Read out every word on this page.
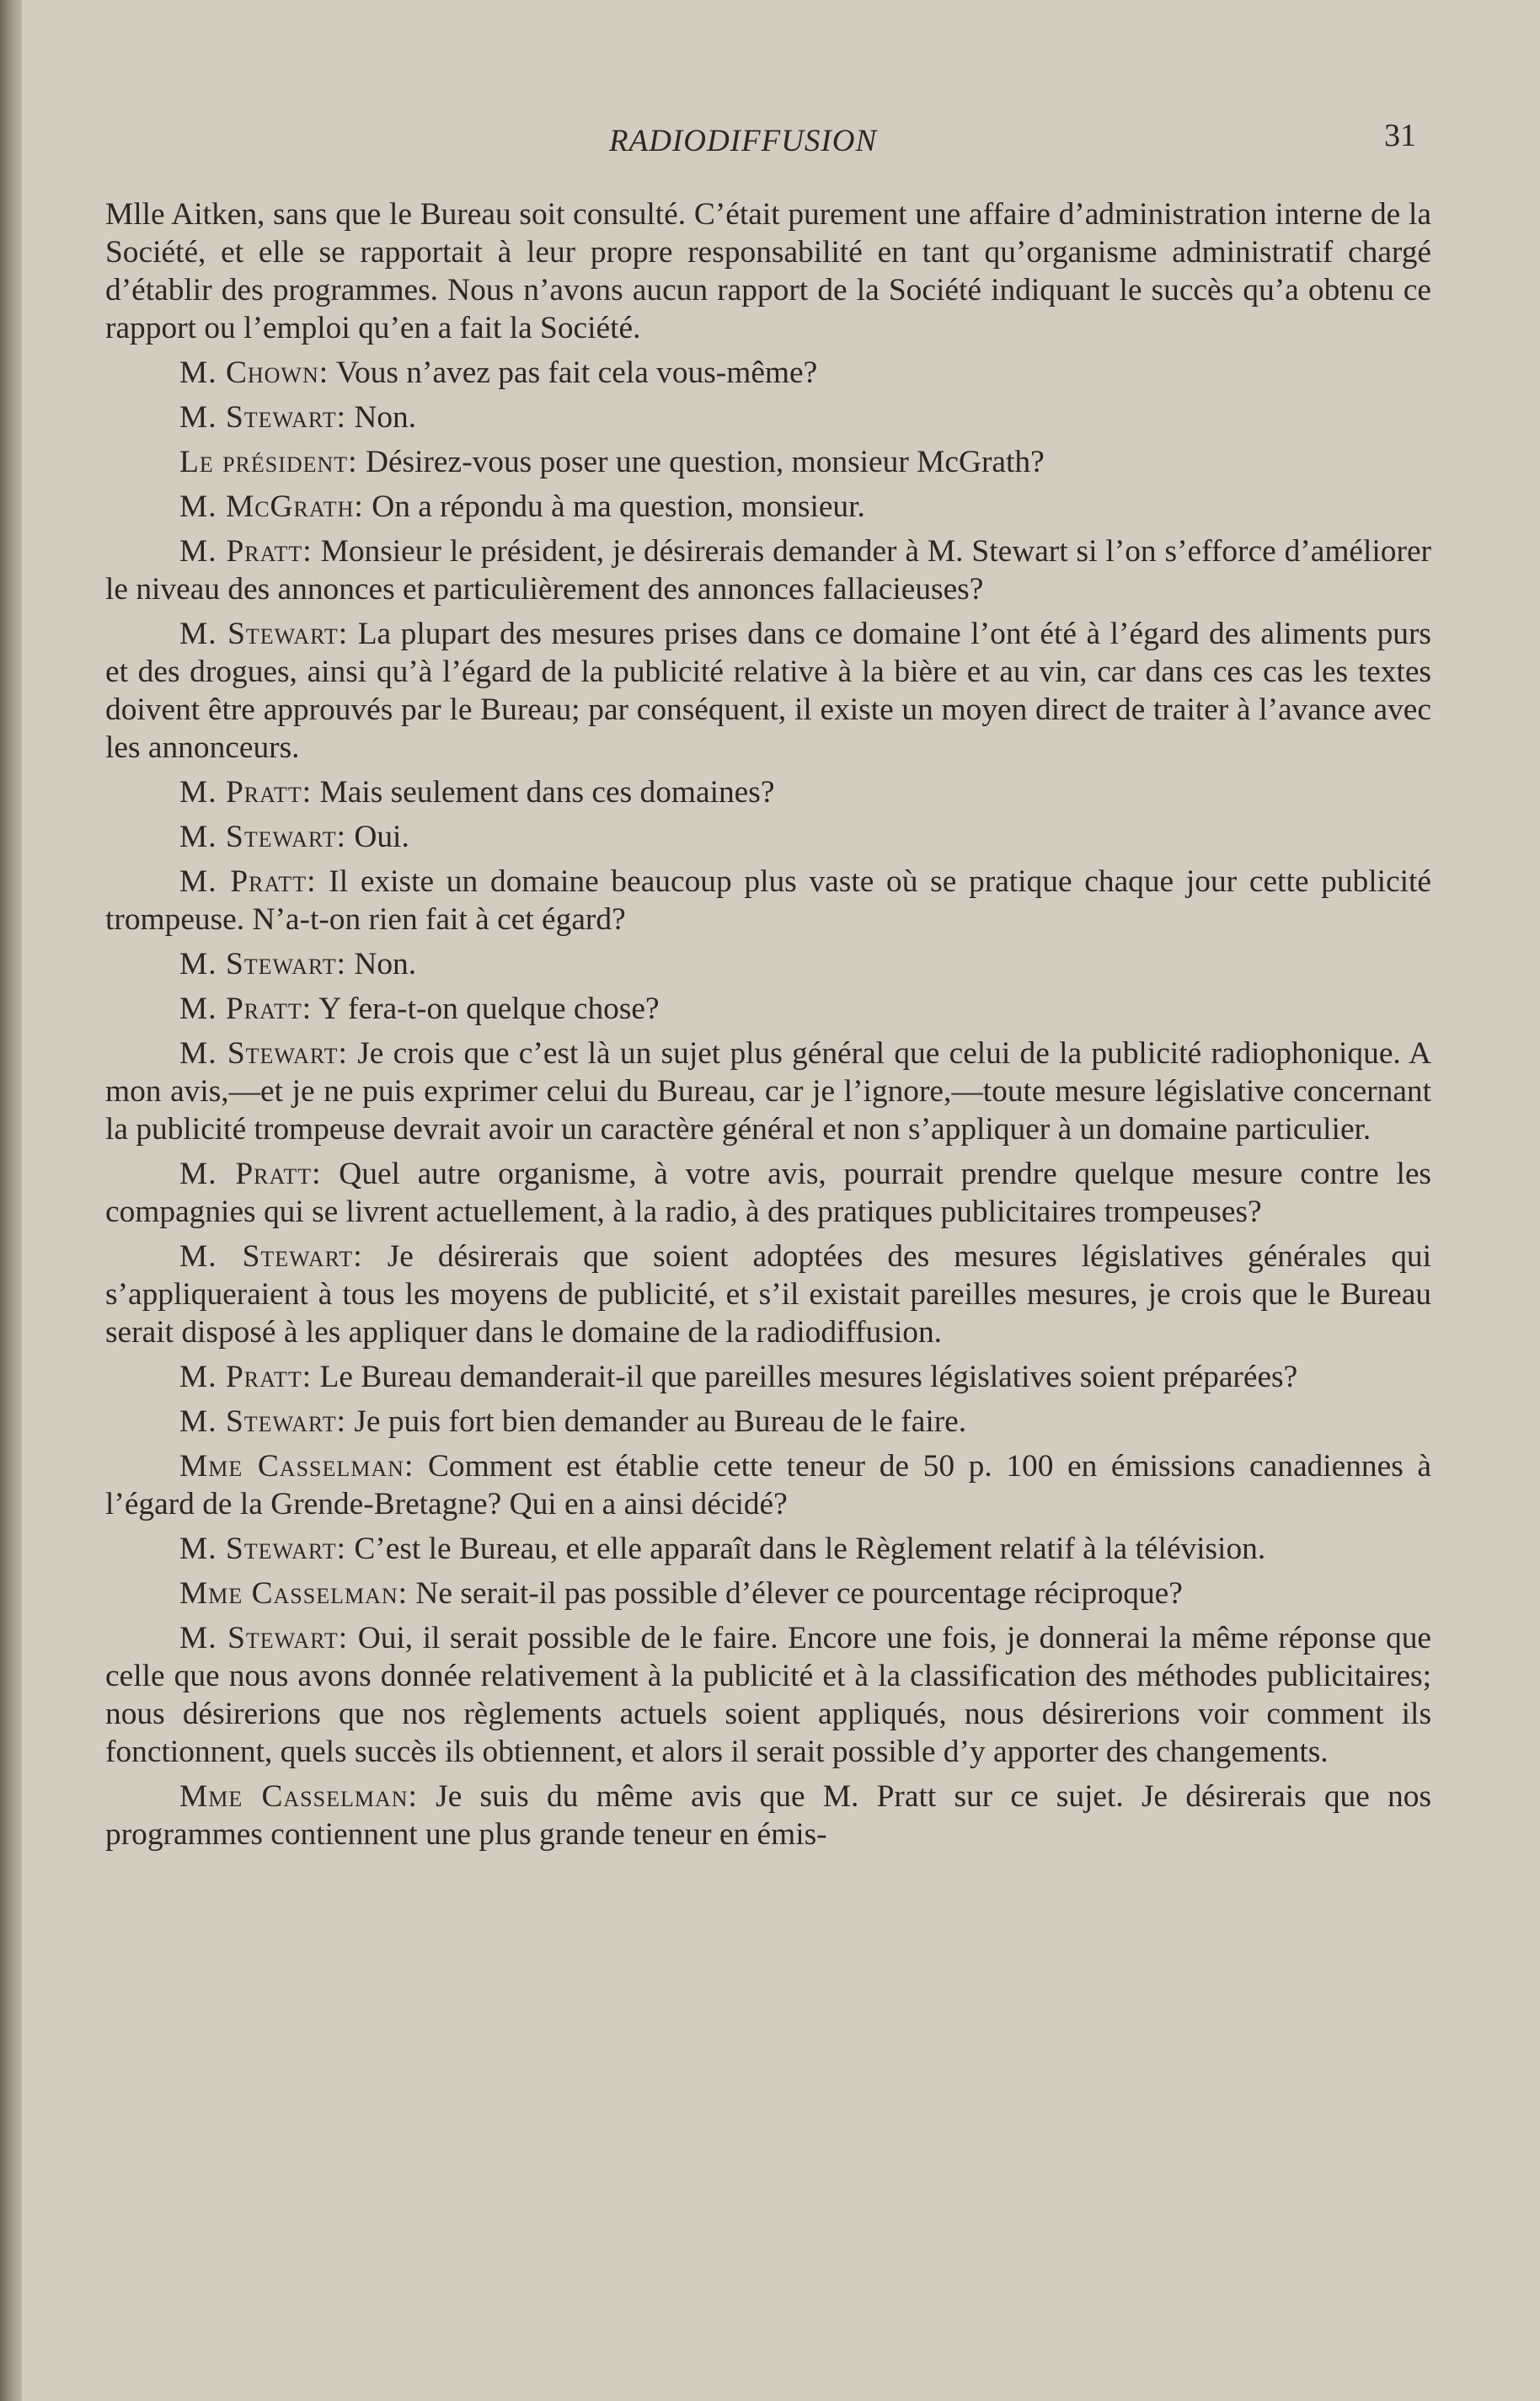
RADIODIFFUSION	31

Mlle Aitken, sans que le Bureau soit consulté. C’était purement une affaire d’administration interne de la Société, et elle se rapportait à leur propre responsabilité en tant qu’organisme administratif chargé d’établir des programmes. Nous n’avons aucun rapport de la Société indiquant le succès qu’a obtenu ce rapport ou l’emploi qu’en a fait la Société.

M. Chown: Vous n’avez pas fait cela vous-même?

M. Stewart: Non.

Le président: Désirez-vous poser une question, monsieur McGrath?

M. McGrath: On a répondu à ma question, monsieur.

M. Pratt: Monsieur le président, je désirerais demander à M. Stewart si l’on s’efforce d’améliorer le niveau des annonces et particulièrement des annonces fallacieuses?

M. Stewart: La plupart des mesures prises dans ce domaine l’ont été à l’égard des aliments purs et des drogues, ainsi qu’à l’égard de la publicité relative à la bière et au vin, car dans ces cas les textes doivent être approuvés par le Bureau; par conséquent, il existe un moyen direct de traiter à l’avance avec les annonceurs.

M. Pratt: Mais seulement dans ces domaines?

M. Stewart: Oui.

M. Pratt: Il existe un domaine beaucoup plus vaste où se pratique chaque jour cette publicité trompeuse. N’a-t-on rien fait à cet égard?

M. Stewart: Non.

M. Pratt: Y fera-t-on quelque chose?

M. Stewart: Je crois que c’est là un sujet plus général que celui de la publicité radiophonique. A mon avis,—et je ne puis exprimer celui du Bureau, car je l’ignore,—toute mesure législative concernant la publicité trompeuse devrait avoir un caractère général et non s’appliquer à un domaine particulier.

M. Pratt: Quel autre organisme, à votre avis, pourrait prendre quelque mesure contre les compagnies qui se livrent actuellement, à la radio, à des pratiques publicitaires trompeuses?

M. Stewart: Je désirerais que soient adoptées des mesures législatives générales qui s’appliqueraient à tous les moyens de publicité, et s’il existait pareilles mesures, je crois que le Bureau serait disposé à les appliquer dans le domaine de la radiodiffusion.

M. Pratt: Le Bureau demanderait-il que pareilles mesures législatives soient préparées?

M. Stewart: Je puis fort bien demander au Bureau de le faire.

Mme Casselman: Comment est établie cette teneur de 50 p. 100 en émissions canadiennes à l’égard de la Grende-Bretagne? Qui en a ainsi décidé?

M. Stewart: C’est le Bureau, et elle apparaît dans le Règlement relatif à la télévision.

Mme Casselman: Ne serait-il pas possible d’élever ce pourcentage réciproque?

M. Stewart: Oui, il serait possible de le faire. Encore une fois, je donnerai la même réponse que celle que nous avons donnée relativement à la publicité et à la classification des méthodes publicitaires; nous désirerions que nos règlements actuels soient appliqués, nous désirerions voir comment ils fonctionnent, quels succès ils obtiennent, et alors il serait possible d’y apporter des changements.

Mme Casselman: Je suis du même avis que M. Pratt sur ce sujet. Je désirerais que nos programmes contiennent une plus grande teneur en émis-
